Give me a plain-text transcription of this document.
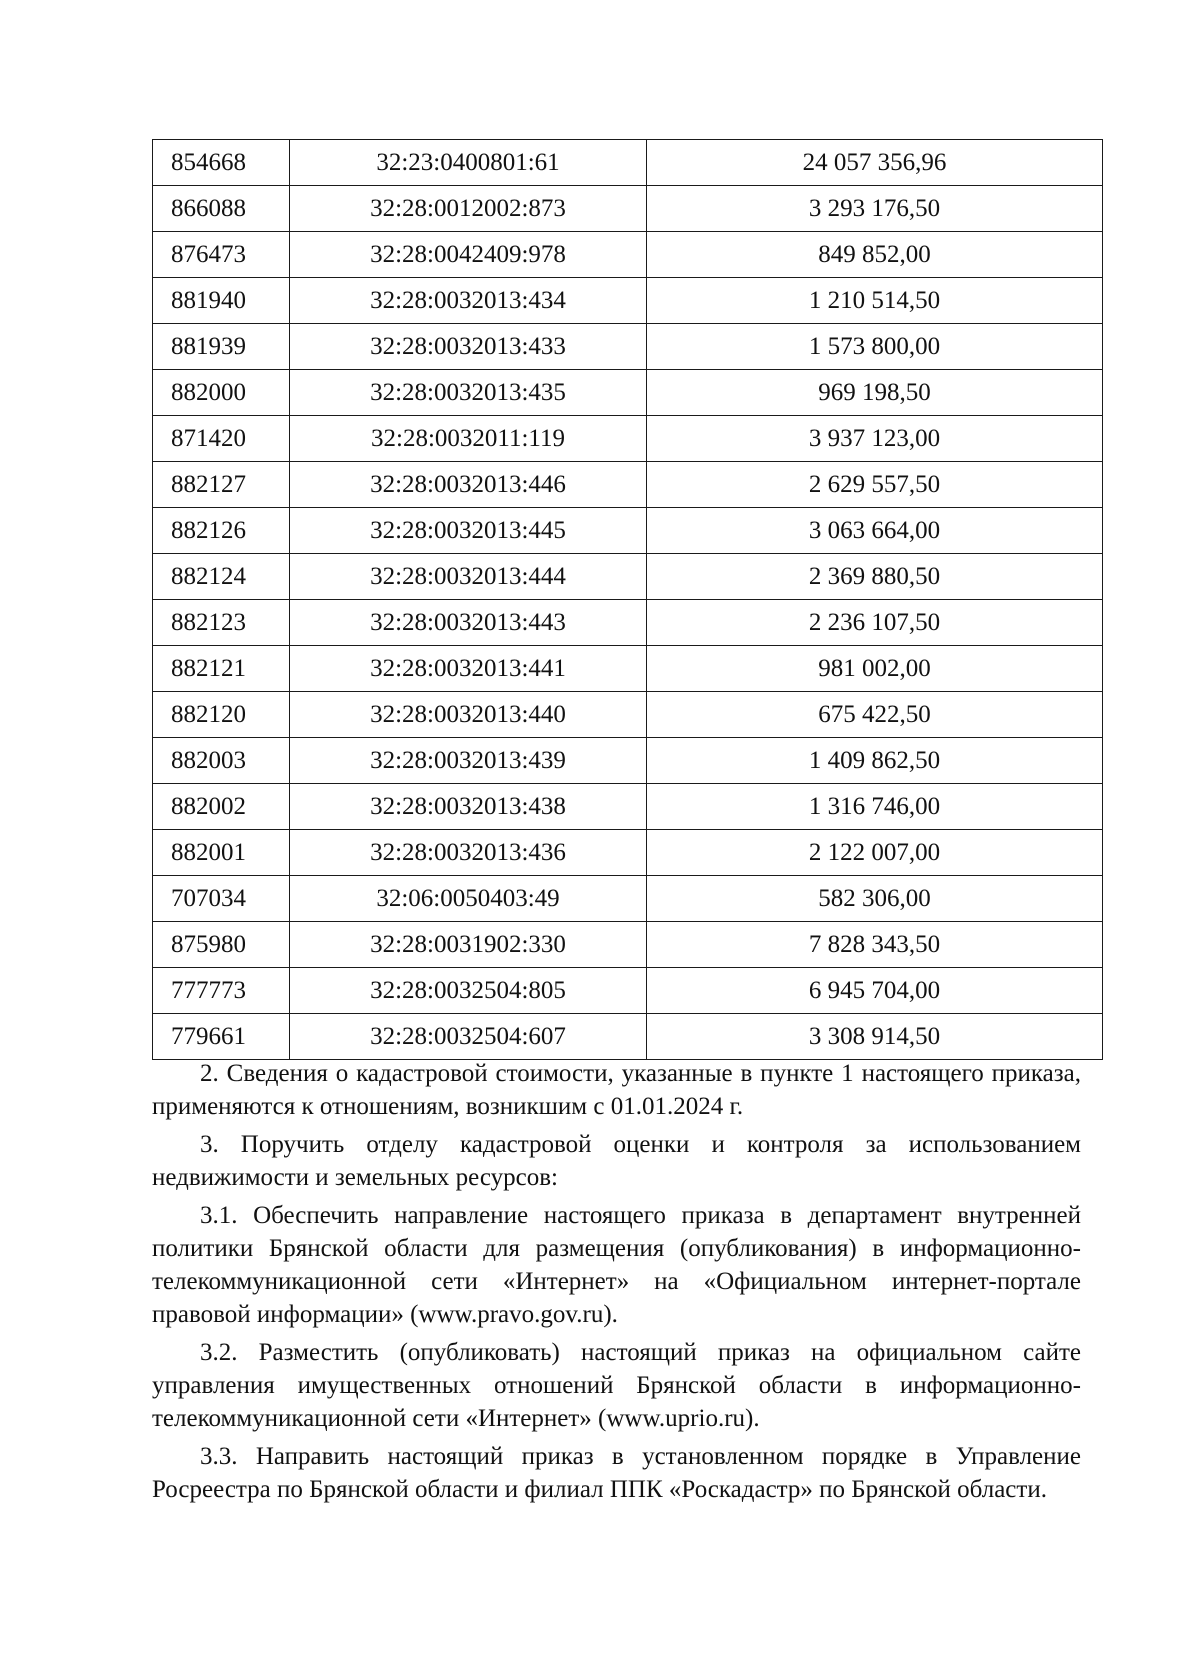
854668	32:23:0400801:61	24 057 356,96
866088	32:28:0012002:873	3 293 176,50
876473	32:28:0042409:978	849 852,00
881940	32:28:0032013:434	1 210 514,50
881939	32:28:0032013:433	1 573 800,00
882000	32:28:0032013:435	969 198,50
871420	32:28:0032011:119	3 937 123,00
882127	32:28:0032013:446	2 629 557,50
882126	32:28:0032013:445	3 063 664,00
882124	32:28:0032013:444	2 369 880,50
882123	32:28:0032013:443	2 236 107,50
882121	32:28:0032013:441	981 002,00
882120	32:28:0032013:440	675 422,50
882003	32:28:0032013:439	1 409 862,50
882002	32:28:0032013:438	1 316 746,00
882001	32:28:0032013:436	2 122 007,00
707034	32:06:0050403:49	582 306,00
875980	32:28:0031902:330	7 828 343,50
777773	32:28:0032504:805	6 945 704,00
779661	32:28:0032504:607	3 308 914,50

2. Сведения о кадастровой стоимости, указанные в пункте 1 настоящего приказа, применяются к отношениям, возникшим с 01.01.2024 г.

3. Поручить отделу кадастровой оценки и контроля за использованием недвижимости и земельных ресурсов:

3.1. Обеспечить направление настоящего приказа в департамент внутренней политики Брянской области для размещения (опубликования) в информационно-телекоммуникационной сети «Интернет» на «Официальном интернет-портале правовой информации» (www.pravo.gov.ru).

3.2. Разместить (опубликовать) настоящий приказ на официальном сайте управления имущественных отношений Брянской области в информационно-телекоммуникационной сети «Интернет» (www.uprio.ru).

3.3. Направить настоящий приказ в установленном порядке в Управление Росреестра по Брянской области и филиал ППК «Роскадастр» по Брянской области.
